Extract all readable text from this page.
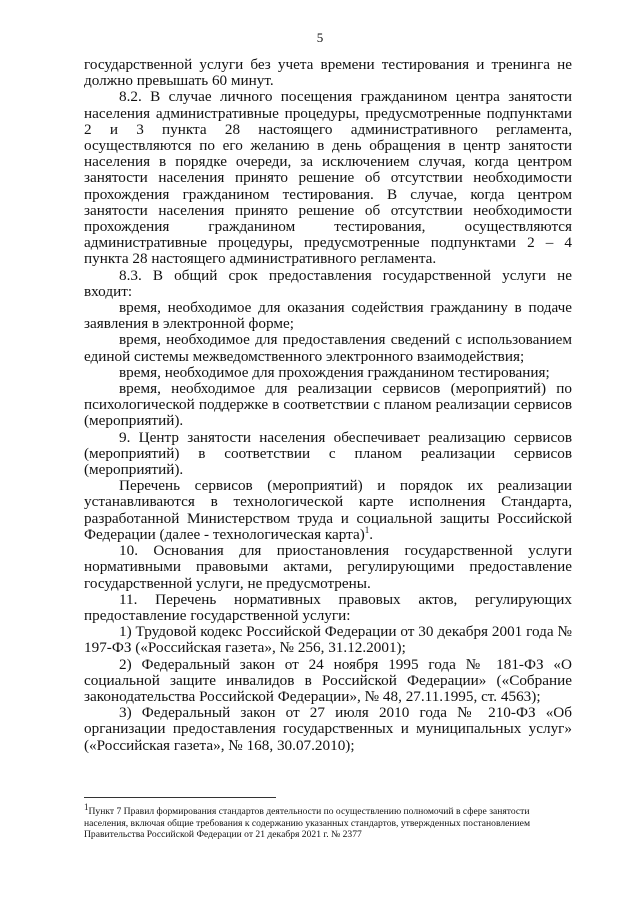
5

государственной услуги без учета времени тестирования и тренинга не должно превышать 60 минут.

8.2. В случае личного посещения гражданином центра занятости населения административные процедуры, предусмотренные подпунктами 2 и 3 пункта 28 настоящего административного регламента, осуществляются по его желанию в день обращения в центр занятости населения в порядке очереди, за исключением случая, когда центром занятости населения принято решение об отсутствии необходимости прохождения гражданином тестирования. В случае, когда центром занятости населения принято решение об отсутствии необходимости прохождения гражданином тестирования, осуществляются административные процедуры, предусмотренные подпунктами 2 – 4 пункта 28 настоящего административного регламента.

8.3. В общий срок предоставления государственной услуги не входит:

время, необходимое для оказания содействия гражданину в подаче заявления в электронной форме;

время, необходимое для предоставления сведений с использованием единой системы межведомственного электронного взаимодействия;

время, необходимое для прохождения гражданином тестирования;

время, необходимое для реализации сервисов (мероприятий) по психологической поддержке в соответствии с планом реализации сервисов (мероприятий).

9. Центр занятости населения обеспечивает реализацию сервисов (мероприятий) в соответствии с планом реализации сервисов (мероприятий).

Перечень сервисов (мероприятий) и порядок их реализации устанавливаются в технологической карте исполнения Стандарта, разработанной Министерством труда и социальной защиты Российской Федерации (далее - технологическая карта)$^1$.

10. Основания для приостановления государственной услуги нормативными правовыми актами, регулирующими предоставление государственной услуги, не предусмотрены.

11. Перечень нормативных правовых актов, регулирующих предоставление государственной услуги:

1) Трудовой кодекс Российской Федерации от 30 декабря 2001 года № 197-ФЗ («Российская газета», № 256, 31.12.2001);

2) Федеральный закон от 24 ноября 1995 года № 181-ФЗ «О социальной защите инвалидов в Российской Федерации» («Собрание законодательства Российской Федерации», № 48, 27.11.1995, ст. 4563);

3) Федеральный закон от 27 июля 2010 года № 210-ФЗ «Об организации предоставления государственных и муниципальных услуг» («Российская газета», № 168, 30.07.2010);

$^1$Пункт 7 Правил формирования стандартов деятельности по осуществлению полномочий в сфере занятости населения, включая общие требования к содержанию указанных стандартов, утвержденных постановлением Правительства Российской Федерации от 21 декабря 2021 г. № 2377
